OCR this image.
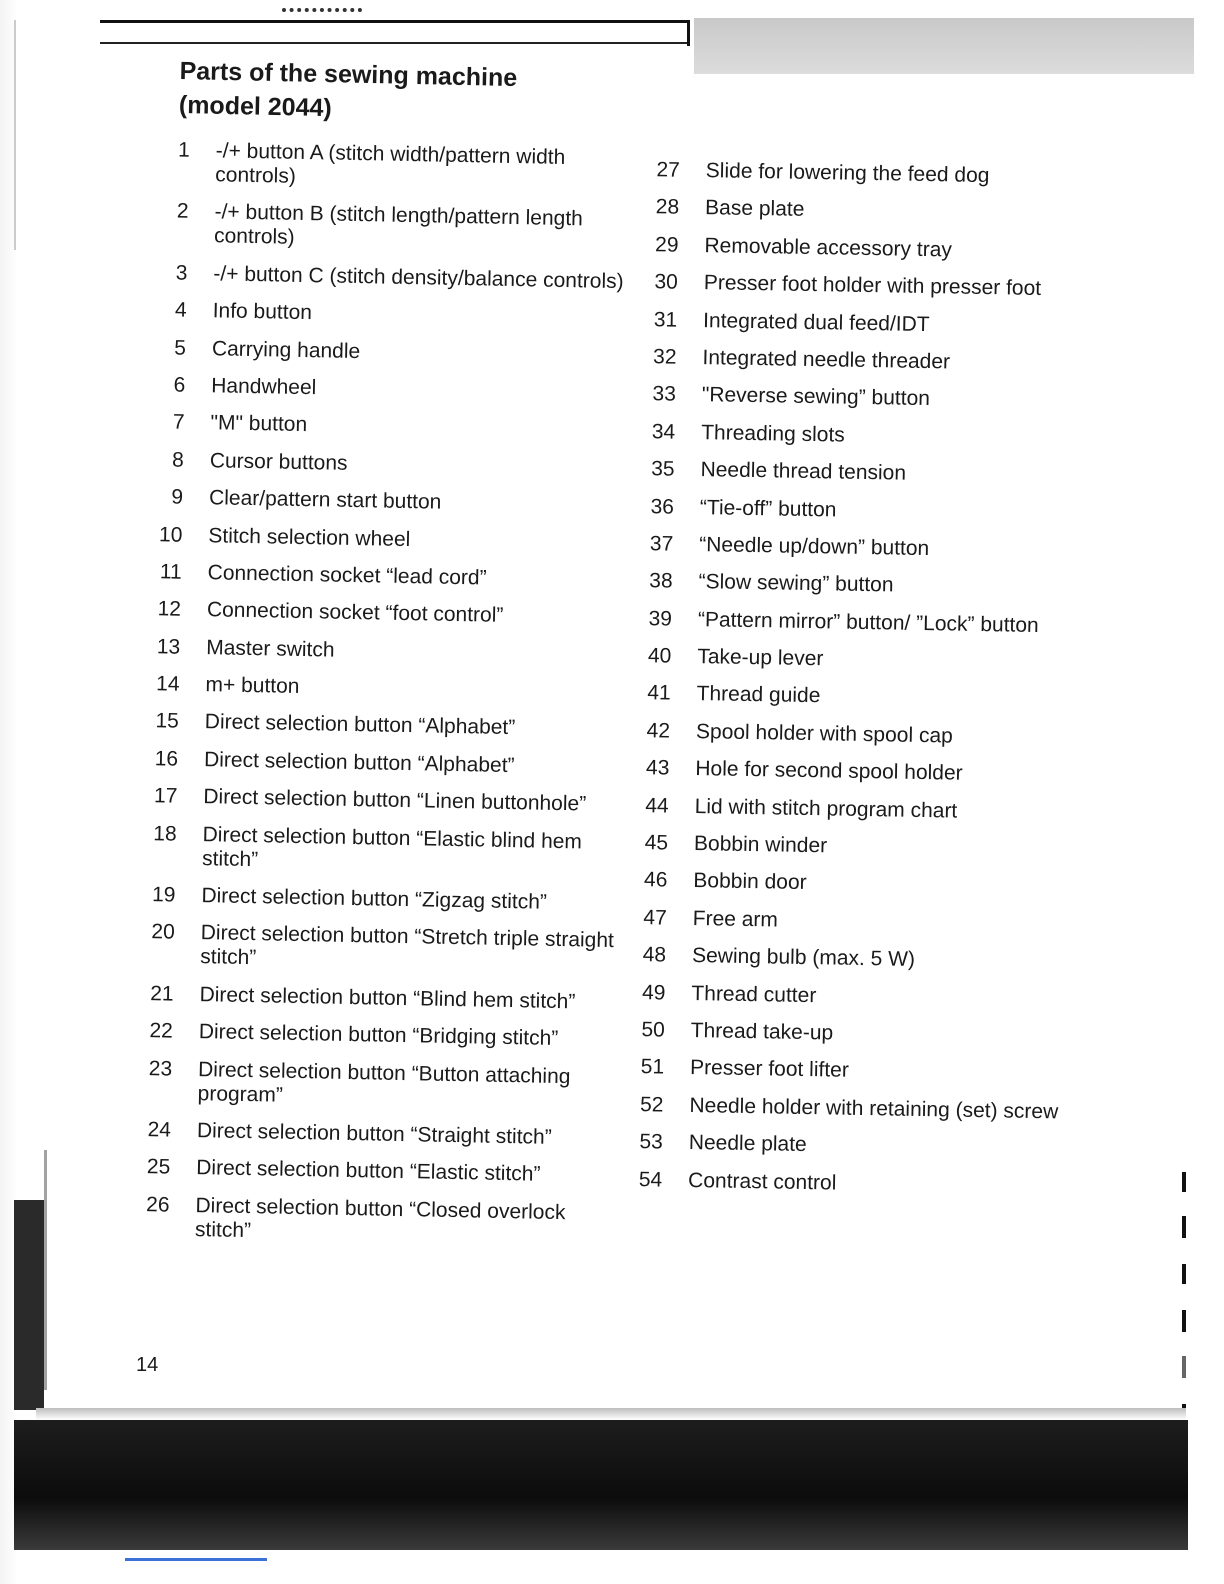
Parts of the sewing machine
(model 2044)
1	-/+ button A (stitch width/pattern width controls)
2	-/+ button B (stitch length/pattern length controls)
3	-/+ button C (stitch density/balance controls)
4	Info button
5	Carrying handle
6	Handwheel
7	"M" button
8	Cursor buttons
9	Clear/pattern start button
10	Stitch selection wheel
11	Connection socket “lead cord”
12	Connection socket “foot control”
13	Master switch
14	m+ button
15	Direct selection button “Alphabet”
16	Direct selection button “Alphabet”
17	Direct selection button “Linen buttonhole”
18	Direct selection button “Elastic blind hem stitch”
19	Direct selection button “Zigzag stitch”
20	Direct selection button “Stretch triple straight stitch”
21	Direct selection button “Blind hem stitch”
22	Direct selection button “Bridging stitch”
23	Direct selection button “Button attaching program”
24	Direct selection button “Straight stitch”
25	Direct selection button “Elastic stitch”
26	Direct selection button “Closed overlock stitch”
27	Slide for lowering the feed dog
28	Base plate
29	Removable accessory tray
30	Presser foot holder with presser foot
31	Integrated dual feed/IDT
32	Integrated needle threader
33	"Reverse sewing” button
34	Threading slots
35	Needle thread tension
36	“Tie-off” button
37	“Needle up/down” button
38	“Slow sewing” button
39	“Pattern mirror” button/ ”Lock” button
40	Take-up lever
41	Thread guide
42	Spool holder with spool cap
43	Hole for second spool holder
44	Lid with stitch program chart
45	Bobbin winder
46	Bobbin door
47	Free arm
48	Sewing bulb (max. 5 W)
49	Thread cutter
50	Thread take-up
51	Presser foot lifter
52	Needle holder with retaining (set) screw
53	Needle plate
54	Contrast control

14
